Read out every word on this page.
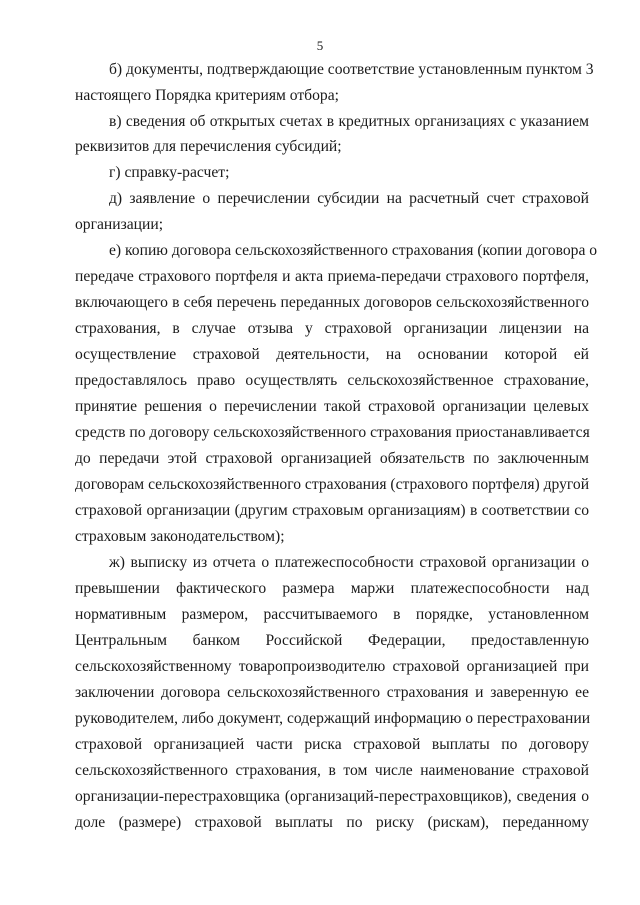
5
б) документы, подтверждающие соответствие установленным пунктом 3
настоящего Порядка критериям отбора;
в) сведения об открытых счетах в кредитных организациях с указанием
реквизитов для перечисления субсидий;
г) справку-расчет;
д) заявление о перечислении субсидии на расчетный счет страховой
организации;
е) копию договора сельскохозяйственного страхования (копии договора о
передаче страхового портфеля и акта приема-передачи страхового портфеля,
включающего в себя перечень переданных договоров сельскохозяйственного
страхования, в случае отзыва у страховой организации лицензии на
осуществление страховой деятельности, на основании которой ей
предоставлялось право осуществлять сельскохозяйственное страхование,
принятие решения о перечислении такой страховой организации целевых
средств по договору сельскохозяйственного страхования приостанавливается
до передачи этой страховой организацией обязательств по заключенным
договорам сельскохозяйственного страхования (страхового портфеля) другой
страховой организации (другим страховым организациям) в соответствии со
страховым законодательством);
ж) выписку из отчета о платежеспособности страховой организации о
превышении фактического размера маржи платежеспособности над
нормативным размером, рассчитываемого в порядке, установленном
Центральным банком Российской Федерации, предоставленную
сельскохозяйственному товаропроизводителю страховой организацией при
заключении договора сельскохозяйственного страхования и заверенную ее
руководителем, либо документ, содержащий информацию о перестраховании
страховой организацией части риска страховой выплаты по договору
сельскохозяйственного страхования, в том числе наименование страховой
организации-перестраховщика (организаций-перестраховщиков), сведения о
доле (размере) страховой выплаты по риску (рискам), переданному
